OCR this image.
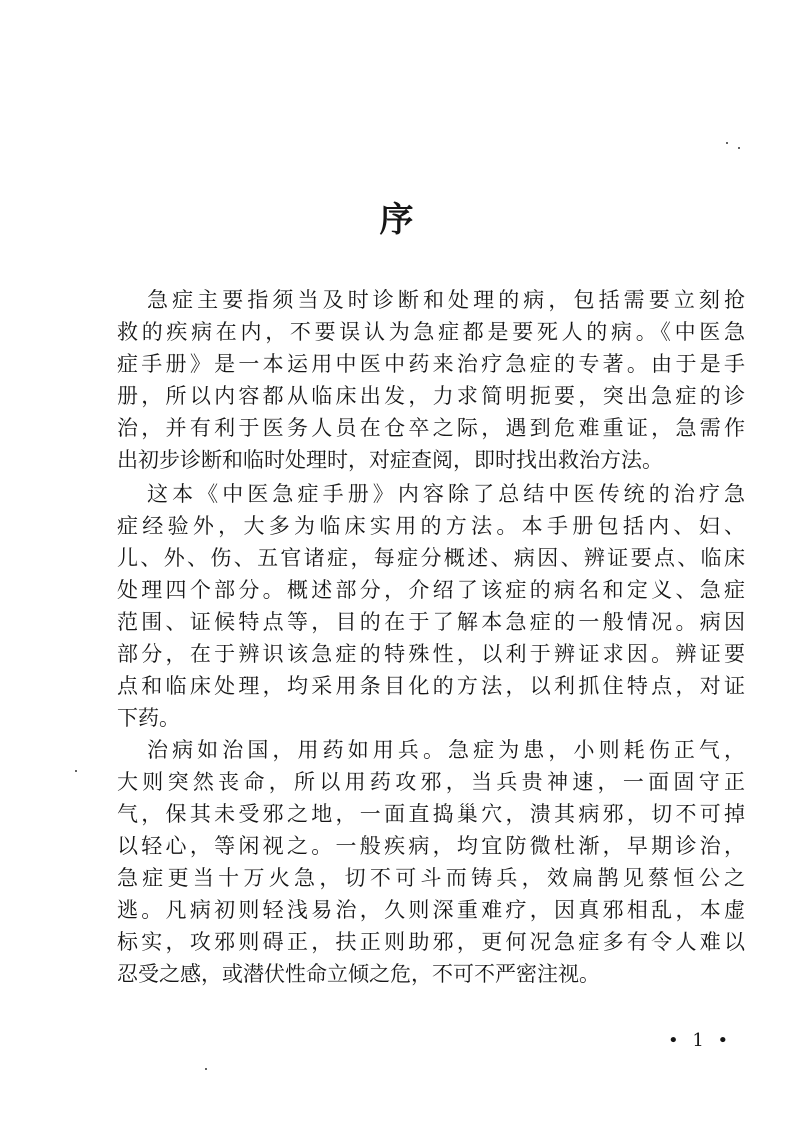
序
急症主要指须当及时诊断和处理的病，包括需要立刻抢
救的疾病在内，不要误认为急症都是要死人的病。《中医急
症手册》是一本运用中医中药来治疗急症的专著。由于是手
册，所以内容都从临床出发，力求简明扼要，突出急症的诊
治，并有利于医务人员在仓卒之际，遇到危难重证，急需作
出初步诊断和临时处理时，对症查阅，即时找出救治方法。
这本《中医急症手册》内容除了总结中医传统的治疗急
症经验外，大多为临床实用的方法。本手册包括内、妇、
儿、外、伤、五官诸症，每症分概述、病因、辨证要点、临床
处理四个部分。概述部分，介绍了该症的病名和定义、急症
范围、证候特点等，目的在于了解本急症的一般情况。病因
部分，在于辨识该急症的特殊性，以利于辨证求因。辨证要
点和临床处理，均采用条目化的方法，以利抓住特点，对证
下药。
治病如治国，用药如用兵。急症为患，小则耗伤正气，
大则突然丧命，所以用药攻邪，当兵贵神速，一面固守正
气，保其未受邪之地，一面直捣巢穴，溃其病邪，切不可掉
以轻心，等闲视之。一般疾病，均宜防微杜渐，早期诊治，
急症更当十万火急，切不可斗而铸兵，效扁鹊见蔡恒公之
逃。凡病初则轻浅易治，久则深重难疗，因真邪相乱，本虚
标实，攻邪则碍正，扶正则助邪，更何况急症多有令人难以
忍受之感，或潜伏性命立倾之危，不可不严密注视。
• 1 •
